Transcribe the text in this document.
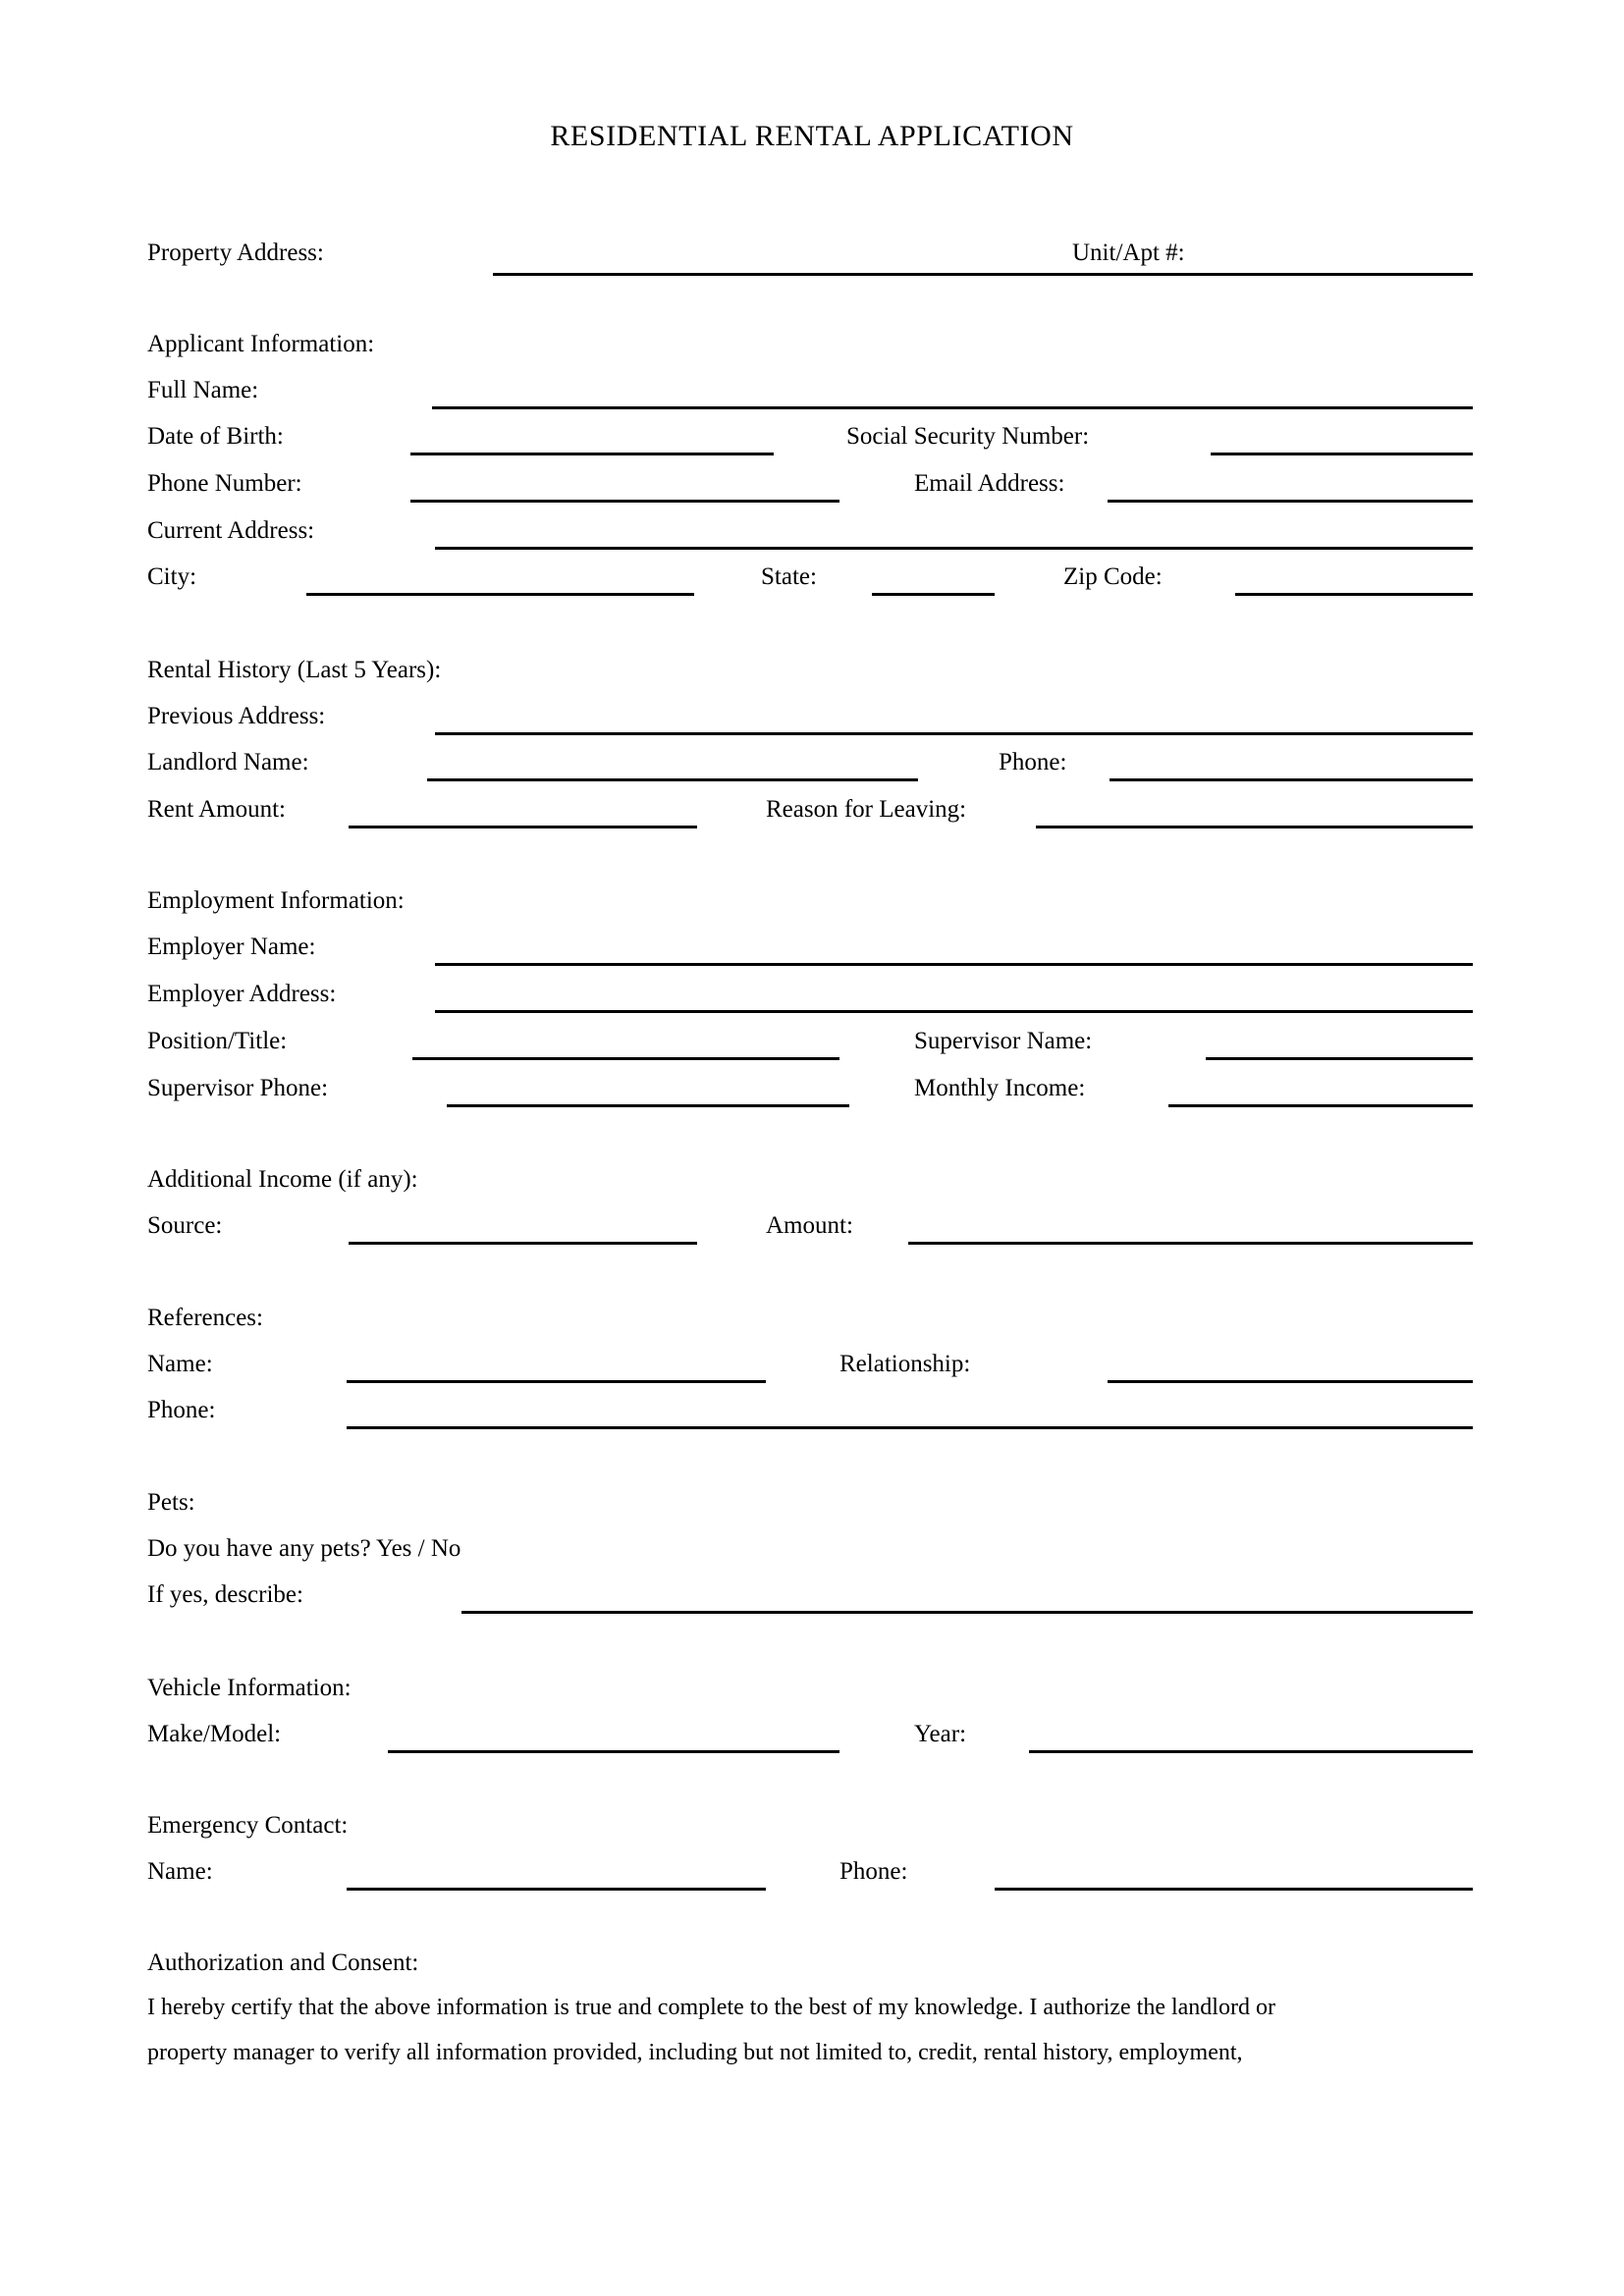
RESIDENTIAL RENTAL APPLICATION
Property Address:	Unit/Apt #:
Applicant Information:
Full Name:
Date of Birth:	Social Security Number:
Phone Number:	Email Address:
Current Address:
City:	State:	Zip Code:
Rental History (Last 5 Years):
Previous Address:
Landlord Name:	Phone:
Rent Amount:	Reason for Leaving:
Employment Information:
Employer Name:
Employer Address:
Position/Title:	Supervisor Name:
Supervisor Phone:	Monthly Income:
Additional Income (if any):
Source:	Amount:
References:
Name:	Relationship:
Phone:
Pets:
Do you have any pets? Yes / No
If yes, describe:
Vehicle Information:
Make/Model:	Year:
Emergency Contact:
Name:	Phone:
Authorization and Consent:
I hereby certify that the above information is true and complete to the best of my knowledge. I authorize the landlord or
property manager to verify all information provided, including but not limited to, credit, rental history, employment,
